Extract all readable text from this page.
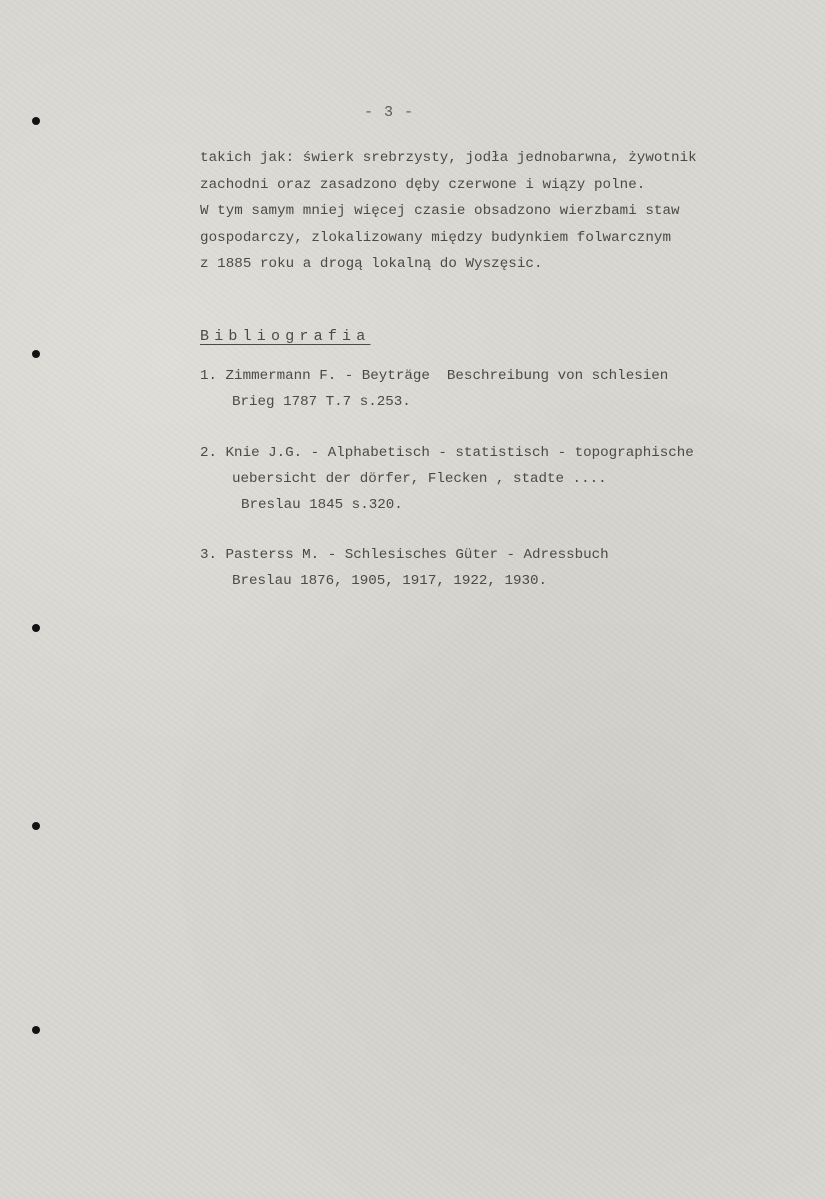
- 3 -

takich jak: świerk srebrzysty, jodła jednobarwna, żywotnik
zachodni oraz zasadzono dęby czerwone i wiązy polne.
W tym samym mniej więcej czasie obsadzono wierzbami staw
gospodarczy, zlokalizowany między budynkiem folwarcznym
z 1885 roku a drogą lokalną do Wyszęsic.

Bibliografia
1. Zimmermann F. - Beyträge  Beschreibung von schlesien
Brieg 1787 T.7 s.253.
2. Knie J.G. - Alphabetisch - statistisch - topographische
uebersicht der dörfer, Flecken , stadte ....
Breslau 1845 s.320.
3. Pasterss M. - Schlesisches Güter - Adressbuch
Breslau 1876, 1905, 1917, 1922, 1930.
